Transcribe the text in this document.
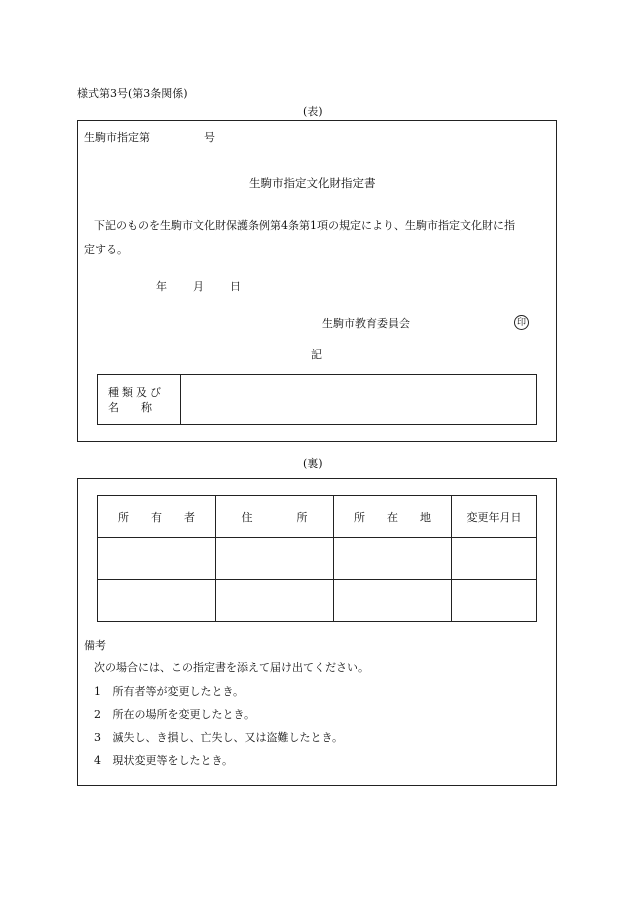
様式第3号(第3条関係)
(表)
生駒市指定第	号
生駒市指定文化財指定書
下記のものを生駒市文化財保護条例第4条第1項の規定により、生駒市指定文化財に指
定する。
年 月 日
生駒市教育委員会	印
記
種類及び
名　　称

(裏)
所　　有　　者	住　　　　所	所　　在　　地	変更年月日

備考
次の場合には、この指定書を添えて届け出てください。
1 所有者等が変更したとき。
2 所在の場所を変更したとき。
3 滅失し、き損し、亡失し、又は盗難したとき。
4 現状変更等をしたとき。
